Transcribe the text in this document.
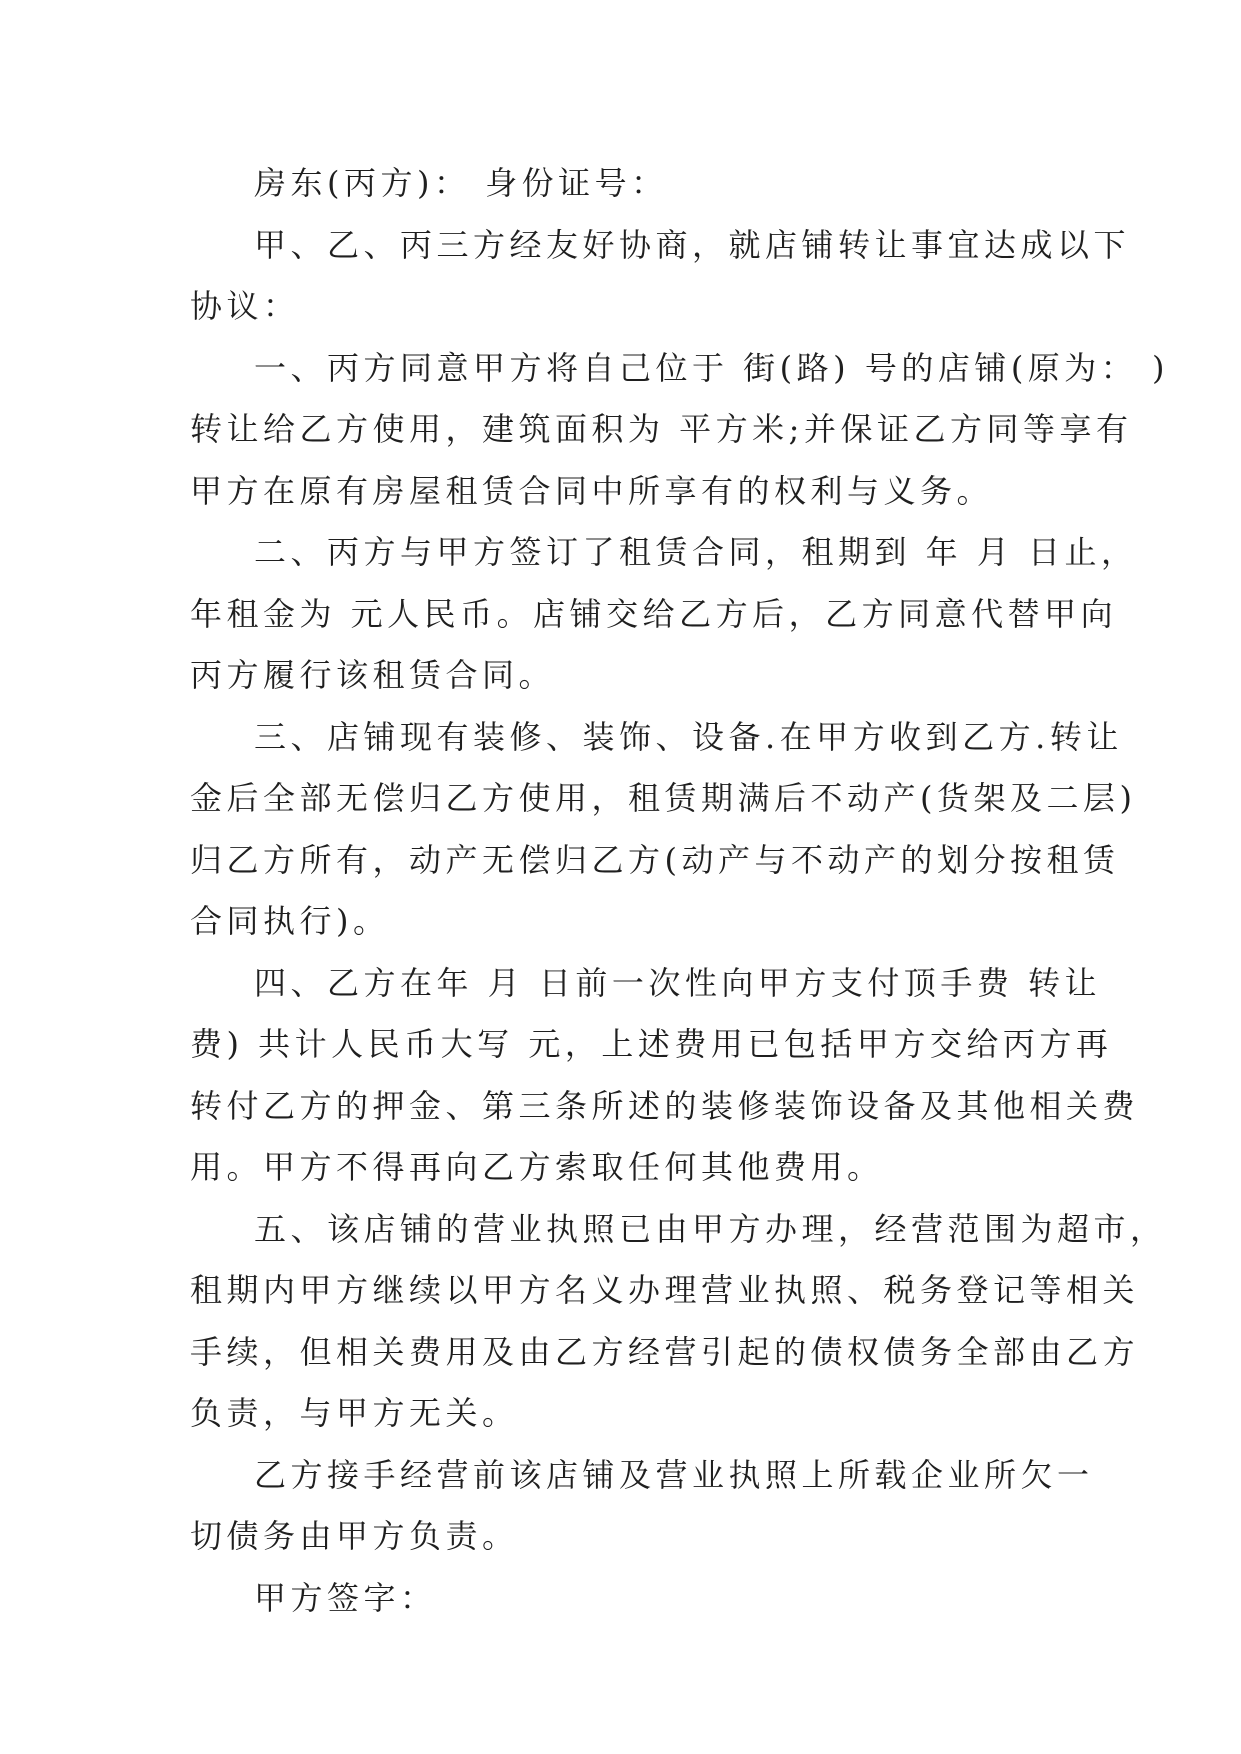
房东(丙方)： 身份证号：
甲、乙、丙三方经友好协商，就店铺转让事宜达成以下
协议：
一、丙方同意甲方将自己位于 街(路) 号的店铺(原为： )
转让给乙方使用，建筑面积为 平方米;并保证乙方同等享有
甲方在原有房屋租赁合同中所享有的权利与义务。
二、丙方与甲方签订了租赁合同，租期到 年 月 日止，
年租金为 元人民币。店铺交给乙方后，乙方同意代替甲向
丙方履行该租赁合同。
三、店铺现有装修、装饰、设备.在甲方收到乙方.转让
金后全部无偿归乙方使用，租赁期满后不动产(货架及二层)
归乙方所有，动产无偿归乙方(动产与不动产的划分按租赁
合同执行)。
四、乙方在年 月 日前一次性向甲方支付顶手费 转让
费) 共计人民币大写 元，上述费用已包括甲方交给丙方再
转付乙方的押金、第三条所述的装修装饰设备及其他相关费
用。甲方不得再向乙方索取任何其他费用。
五、该店铺的营业执照已由甲方办理，经营范围为超市，
租期内甲方继续以甲方名义办理营业执照、税务登记等相关
手续，但相关费用及由乙方经营引起的债权债务全部由乙方
负责，与甲方无关。
乙方接手经营前该店铺及营业执照上所载企业所欠一
切债务由甲方负责。
甲方签字：
